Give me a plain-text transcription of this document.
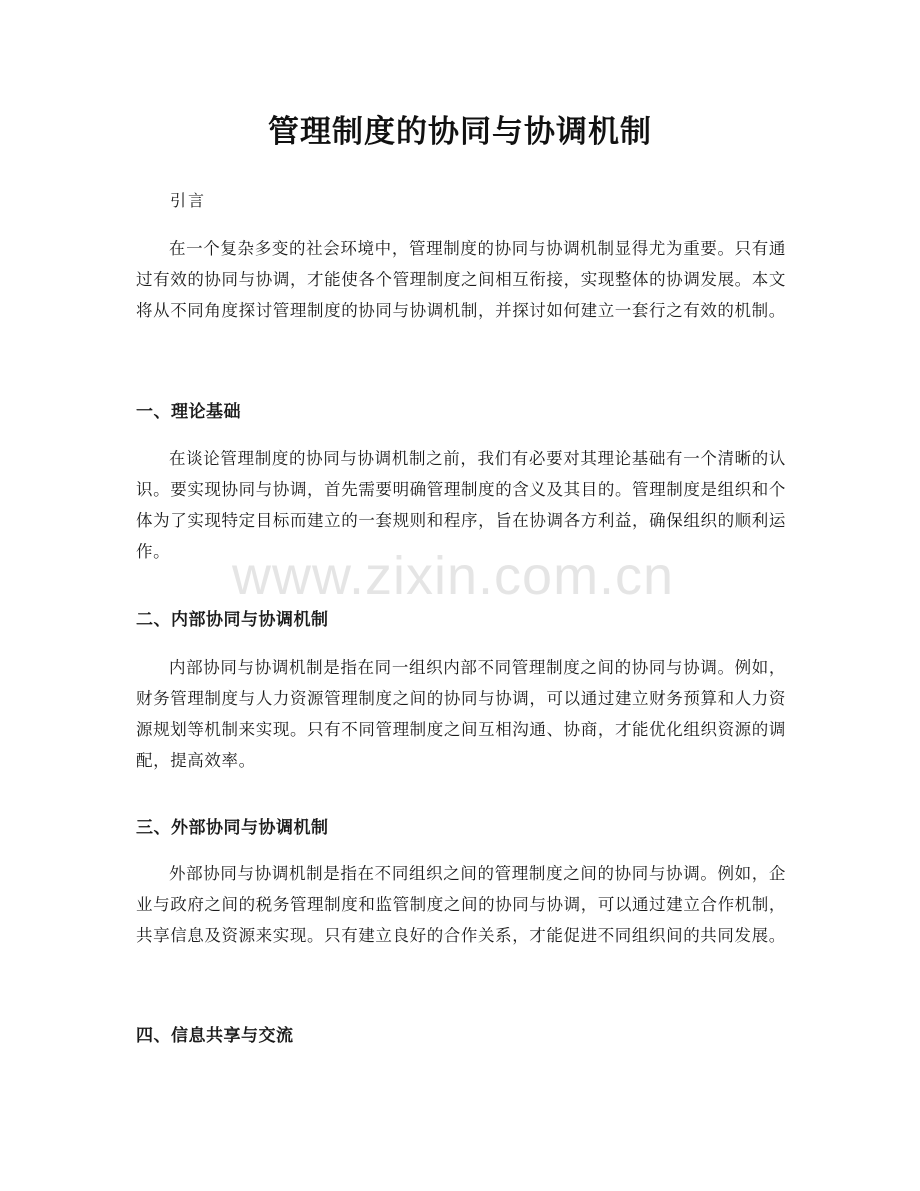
管理制度的协同与协调机制
引言

在一个复杂多变的社会环境中，管理制度的协同与协调机制显得尤为重要。只有通过有效的协同与协调，才能使各个管理制度之间相互衔接，实现整体的协调发展。本文将从不同角度探讨管理制度的协同与协调机制，并探讨如何建立一套行之有效的机制。

一、理论基础

在谈论管理制度的协同与协调机制之前，我们有必要对其理论基础有一个清晰的认识。要实现协同与协调，首先需要明确管理制度的含义及其目的。管理制度是组织和个体为了实现特定目标而建立的一套规则和程序，旨在协调各方利益，确保组织的顺利运作。

二、内部协同与协调机制

内部协同与协调机制是指在同一组织内部不同管理制度之间的协同与协调。例如，财务管理制度与人力资源管理制度之间的协同与协调，可以通过建立财务预算和人力资源规划等机制来实现。只有不同管理制度之间互相沟通、协商，才能优化组织资源的调配，提高效率。

三、外部协同与协调机制

外部协同与协调机制是指在不同组织之间的管理制度之间的协同与协调。例如，企业与政府之间的税务管理制度和监管制度之间的协同与协调，可以通过建立合作机制，共享信息及资源来实现。只有建立良好的合作关系，才能促进不同组织间的共同发展。

四、信息共享与交流
www.zixin.com.cn
